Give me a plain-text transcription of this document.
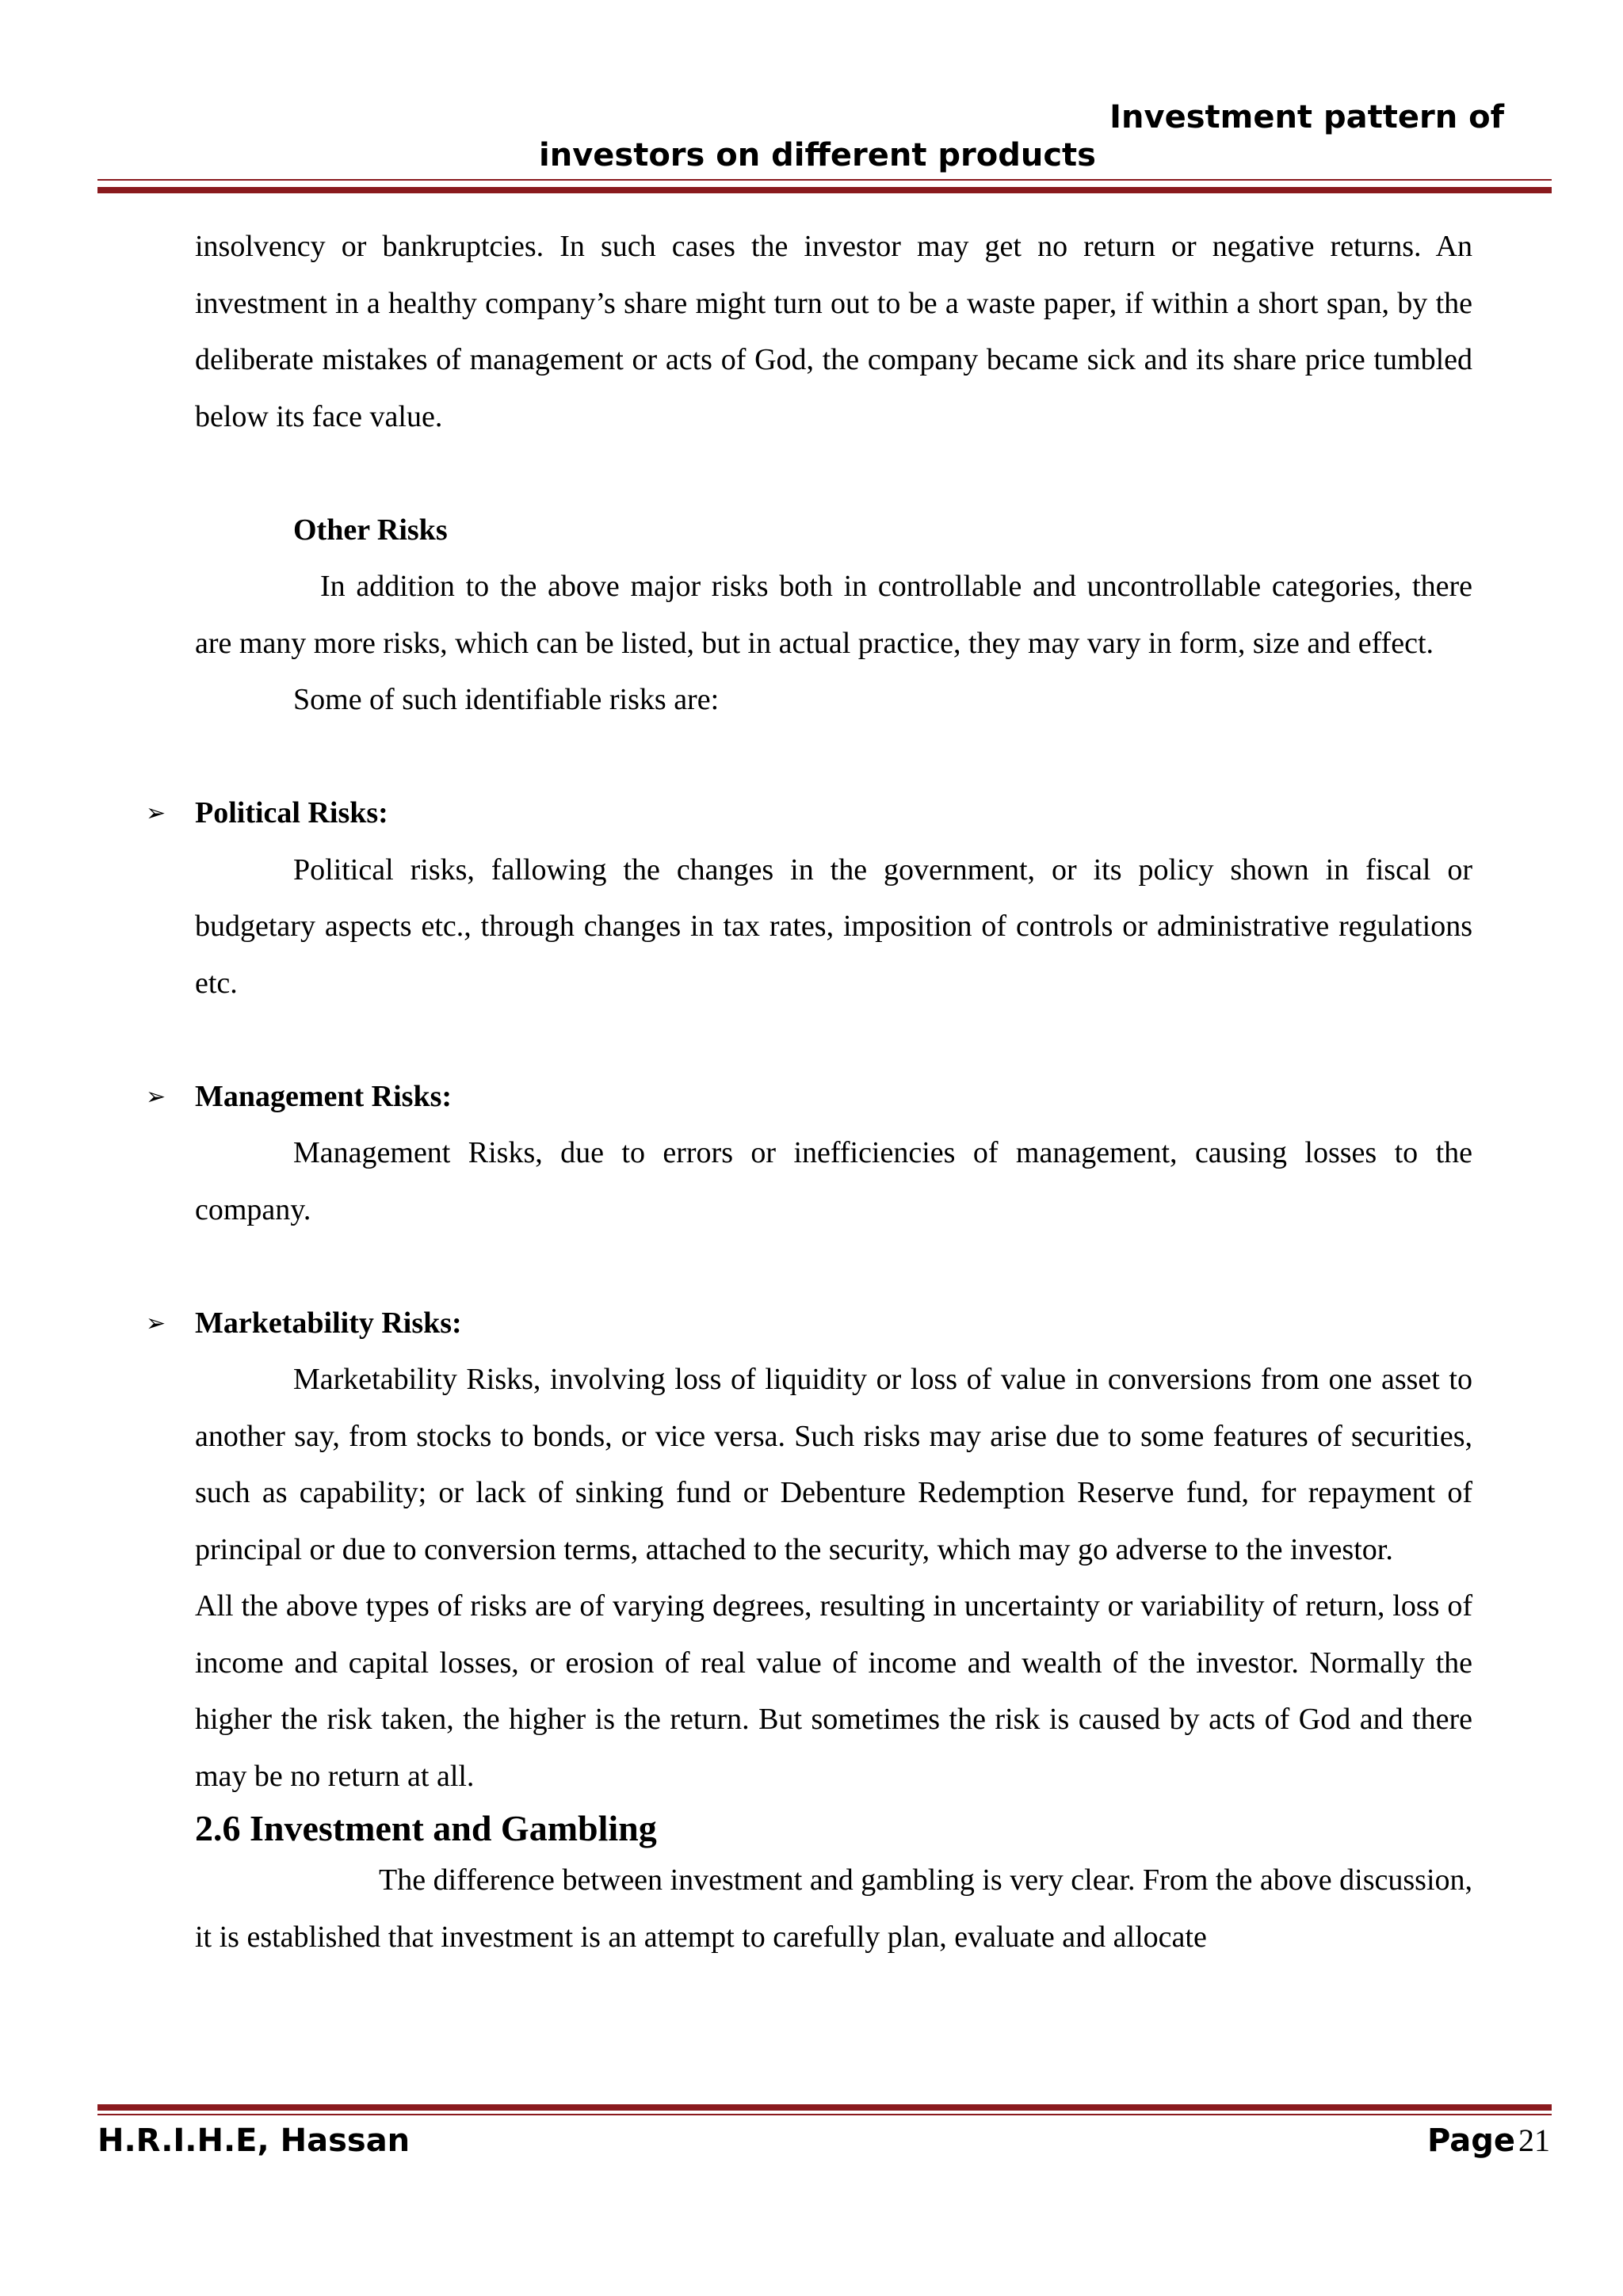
Investment pattern of
investors on different products

insolvency or bankruptcies. In such cases the investor may get no return or negative returns. An investment in a healthy company’s share might turn out to be a waste paper, if within a short span, by the deliberate mistakes of management or acts of God, the company became sick and its share price tumbled below its face value.

Other Risks

In addition to the above major risks both in controllable and uncontrollable categories, there are many more risks, which can be listed, but in actual practice, they may vary in form, size and effect.

Some of such identifiable risks are:

➢ Political Risks:

Political risks, fallowing the changes in the government, or its policy shown in fiscal or budgetary aspects etc., through changes in tax rates, imposition of controls or administrative regulations etc.

➢ Management Risks:

Management Risks, due to errors or inefficiencies of management, causing losses to the company.

➢ Marketability Risks:

Marketability Risks, involving loss of liquidity or loss of value in conversions from one asset to another say, from stocks to bonds, or vice versa. Such risks may arise due to some features of securities, such as capability; or lack of sinking fund or Debenture Redemption Reserve fund, for repayment of principal or due to conversion terms, attached to the security, which may go adverse to the investor.

All the above types of risks are of varying degrees, resulting in uncertainty or variability of return, loss of income and capital losses, or erosion of real value of income and wealth of the investor. Normally the higher the risk taken, the higher is the return. But sometimes the risk is caused by acts of God and there may be no return at all.

2.6 Investment and Gambling

The difference between investment and gambling is very clear. From the above discussion, it is established that investment is an attempt to carefully plan, evaluate and allocate

H.R.I.H.E, Hassan	Page 21
